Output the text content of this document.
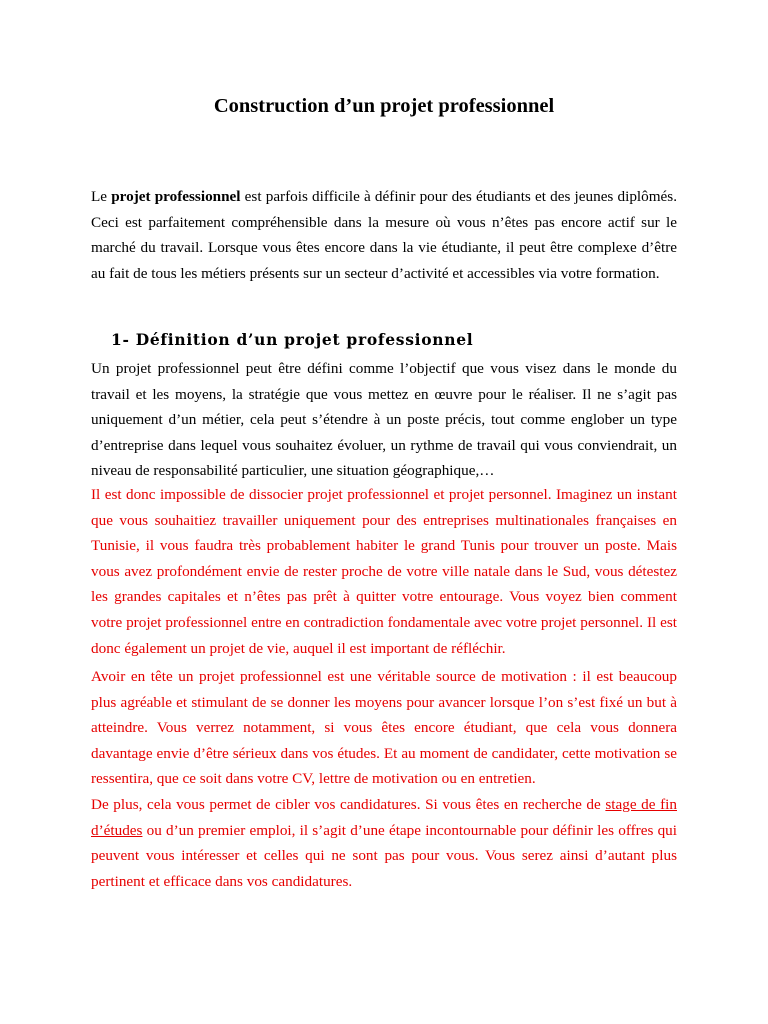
Construction d’un projet professionnel

Le projet professionnel est parfois difficile à définir pour des étudiants et des jeunes diplômés. Ceci est parfaitement compréhensible dans la mesure où vous n’êtes pas encore actif sur le marché du travail. Lorsque vous êtes encore dans la vie étudiante, il peut être complexe d’être au fait de tous les métiers présents sur un secteur d’activité et accessibles via votre formation.

1- Définition d’un projet professionnel

Un projet professionnel peut être défini comme l’objectif que vous visez dans le monde du travail et les moyens, la stratégie que vous mettez en œuvre pour le réaliser. Il ne s’agit pas uniquement d’un métier, cela peut s’étendre à un poste précis, tout comme englober un type d’entreprise dans lequel vous souhaitez évoluer, un rythme de travail qui vous conviendrait, un niveau de responsabilité particulier, une situation géographique,…

Il est donc impossible de dissocier projet professionnel et projet personnel. Imaginez un instant que vous souhaitiez travailler uniquement pour des entreprises multinationales françaises en Tunisie, il vous faudra très probablement habiter le grand Tunis pour trouver un poste. Mais vous avez profondément envie de rester proche de votre ville natale dans le Sud, vous détestez les grandes capitales et n’êtes pas prêt à quitter votre entourage. Vous voyez bien comment votre projet professionnel entre en contradiction fondamentale avec votre projet personnel. Il est donc également un projet de vie, auquel il est important de réfléchir.

Avoir en tête un projet professionnel est une véritable source de motivation : il est beaucoup plus agréable et stimulant de se donner les moyens pour avancer lorsque l’on s’est fixé un but à atteindre. Vous verrez notamment, si vous êtes encore étudiant, que cela vous donnera davantage envie d’être sérieux dans vos études. Et au moment de candidater, cette motivation se ressentira, que ce soit dans votre CV, lettre de motivation ou en entretien.

De plus, cela vous permet de cibler vos candidatures. Si vous êtes en recherche de stage de fin d’études ou d’un premier emploi, il s’agit d’une étape incontournable pour définir les offres qui peuvent vous intéresser et celles qui ne sont pas pour vous. Vous serez ainsi d’autant plus pertinent et efficace dans vos candidatures.
